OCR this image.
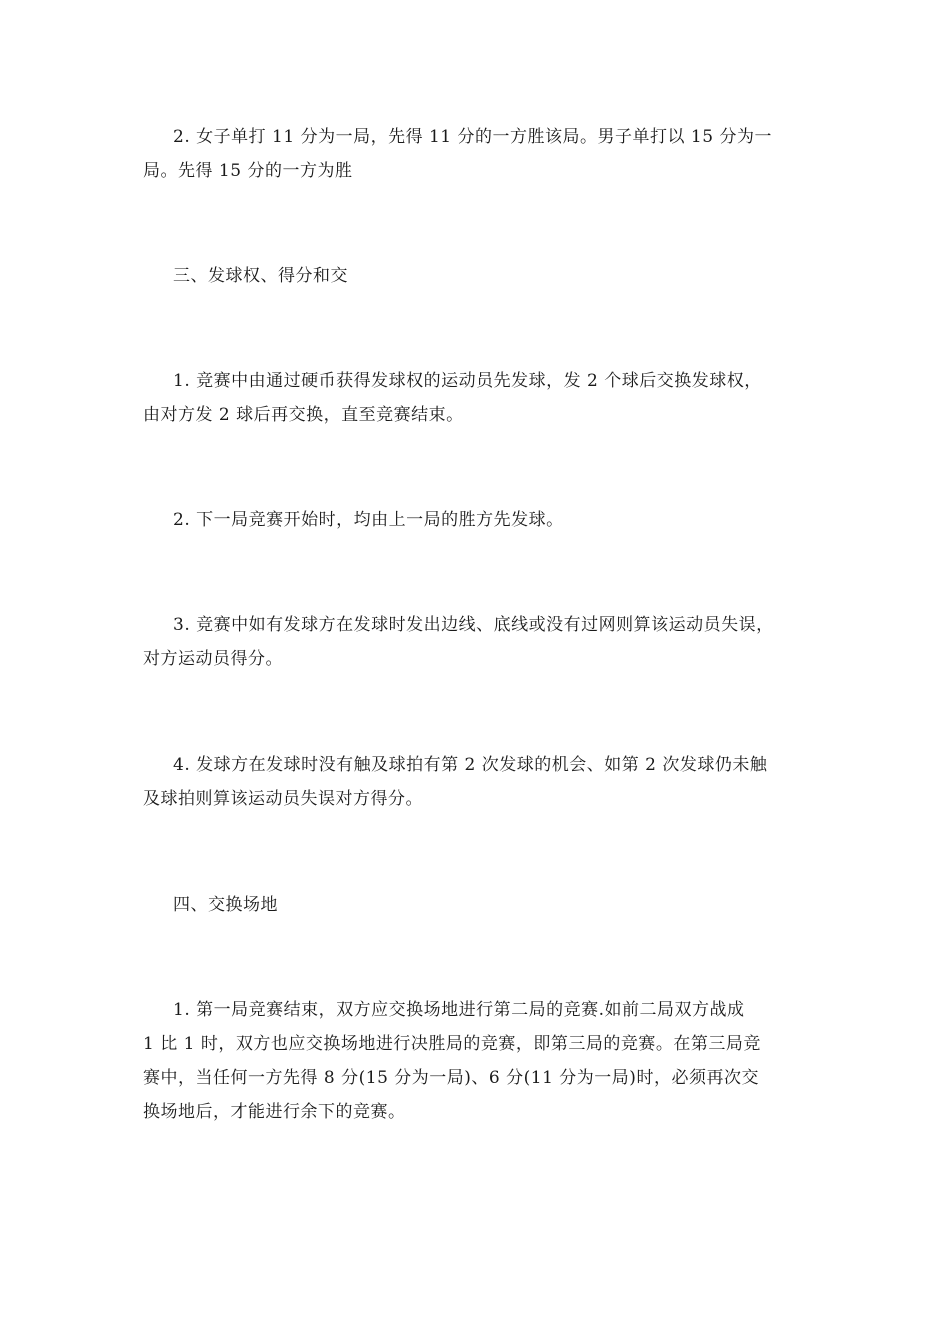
2. 女子单打 11 分为一局，先得 11 分的一方胜该局。男子单打以 15 分为一
局。先得 15 分的一方为胜
三、发球权、得分和交
1. 竞赛中由通过硬币获得发球权的运动员先发球，发 2 个球后交换发球权，
由对方发 2 球后再交换，直至竞赛结束。
2. 下一局竞赛开始时，均由上一局的胜方先发球。
3. 竞赛中如有发球方在发球时发出边线、底线或没有过网则算该运动员失误，
对方运动员得分。
4. 发球方在发球时没有触及球拍有第 2 次发球的机会、如第 2 次发球仍未触
及球拍则算该运动员失误对方得分。
四、交换场地
1. 第一局竞赛结束，双方应交换场地进行第二局的竞赛.如前二局双方战成
1 比 1 时，双方也应交换场地进行决胜局的竞赛，即第三局的竞赛。在第三局竞
赛中，当任何一方先得 8 分(15 分为一局)、6 分(11 分为一局)时，必须再次交
换场地后，才能进行余下的竞赛。
